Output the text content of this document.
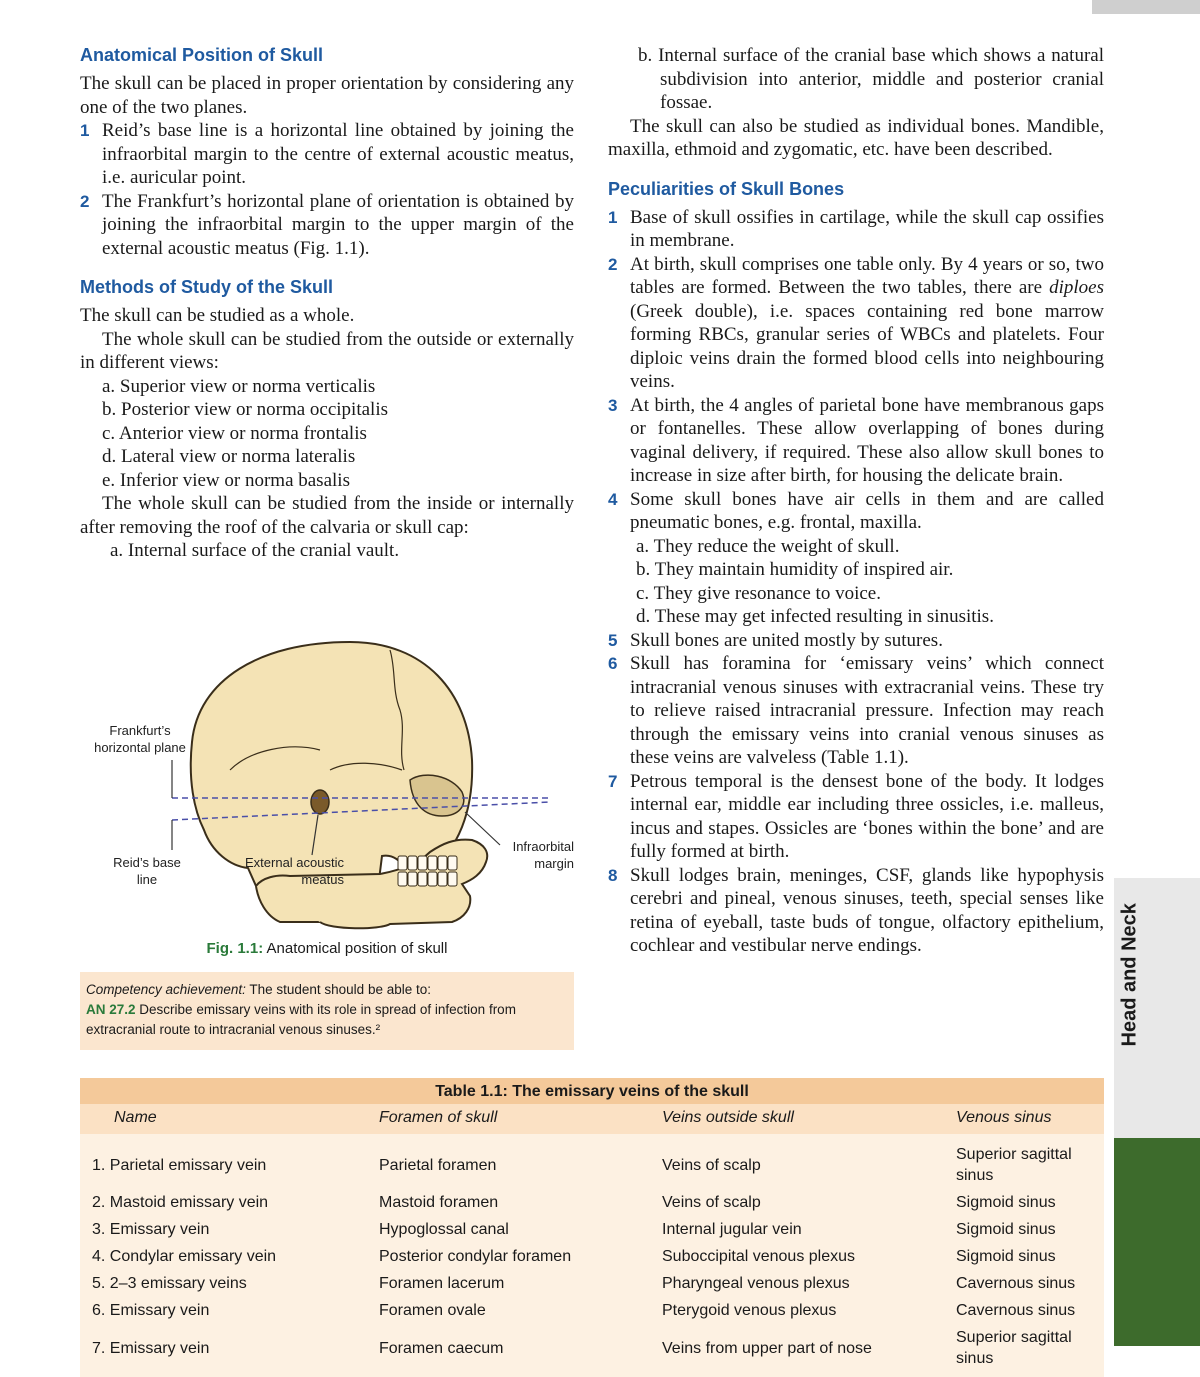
Anatomical Position of Skull

The skull can be placed in proper orientation by considering any one of the two planes.

1 Reid’s base line is a horizontal line obtained by joining the infraorbital margin to the centre of external acoustic meatus, i.e. auricular point.
2 The Frankfurt’s horizontal plane of orientation is obtained by joining the infraorbital margin to the upper margin of the external acoustic meatus (Fig. 1.1).
Methods of Study of the Skull

The skull can be studied as a whole.

The whole skull can be studied from the outside or externally in different views:

a. Superior view or norma verticalis
b. Posterior view or norma occipitalis
c. Anterior view or norma frontalis
d. Lateral view or norma lateralis
e. Inferior view or norma basalis

The whole skull can be studied from the inside or internally after removing the roof of the calvaria or skull cap:

a. Internal surface of the cranial vault.
Frankfurt’s
horizontal plane
Reid’s base
line
External acoustic
meatus
Infraorbital
margin
Fig. 1.1: Anatomical position of skull
Competency achievement: The student should be able to:
AN 27.2 Describe emissary veins with its role in spread of infection from extracranial route to intracranial venous sinuses.²
b. Internal surface of the cranial base which shows a natural subdivision into anterior, middle and posterior cranial fossae.

The skull can also be studied as individual bones. Mandible, maxilla, ethmoid and zygomatic, etc. have been described.

Peculiarities of Skull Bones
1 Base of skull ossifies in cartilage, while the skull cap ossifies in membrane.
2 At birth, skull comprises one table only. By 4 years or so, two tables are formed. Between the two tables, there are diploes (Greek double), i.e. spaces containing red bone marrow forming RBCs, granular series of WBCs and platelets. Four diploic veins drain the formed blood cells into neighbouring veins.
3 At birth, the 4 angles of parietal bone have membranous gaps or fontanelles. These allow overlapping of bones during vaginal delivery, if required. These also allow skull bones to increase in size after birth, for housing the delicate brain.
4 Some skull bones have air cells in them and are called pneumatic bones, e.g. frontal, maxilla.
a. They reduce the weight of skull.
b. They maintain humidity of inspired air.
c. They give resonance to voice.
d. These may get infected resulting in sinusitis.
5 Skull bones are united mostly by sutures.
6 Skull has foramina for ‘emissary veins’ which connect intracranial venous sinuses with extracranial veins. These try to relieve raised intracranial pressure. Infection may reach through the emissary veins into cranial venous sinuses as these veins are valveless (Table 1.1).
7 Petrous temporal is the densest bone of the body. It lodges internal ear, middle ear including three ossicles, i.e. malleus, incus and stapes. Ossicles are ‘bones within the bone’ and are fully formed at birth.
8 Skull lodges brain, meninges, CSF, glands like hypophysis cerebri and pineal, venous sinuses, teeth, special senses like retina of eyeball, taste buds of tongue, olfactory epithelium, cochlear and vestibular nerve endings.
Table 1.1: The emissary veins of the skull
Name	Foramen of skull	Veins outside skull	Venous sinus
1. Parietal emissary vein	Parietal foramen	Veins of scalp	Superior sagittal sinus
2. Mastoid emissary vein	Mastoid foramen	Veins of scalp	Sigmoid sinus
3. Emissary vein	Hypoglossal canal	Internal jugular vein	Sigmoid sinus
4. Condylar emissary vein	Posterior condylar foramen	Suboccipital venous plexus	Sigmoid sinus
5. 2–3 emissary veins	Foramen lacerum	Pharyngeal venous plexus	Cavernous sinus
6. Emissary vein	Foramen ovale	Pterygoid venous plexus	Cavernous sinus
7. Emissary vein	Foramen caecum	Veins from upper part of nose	Superior sagittal sinus
